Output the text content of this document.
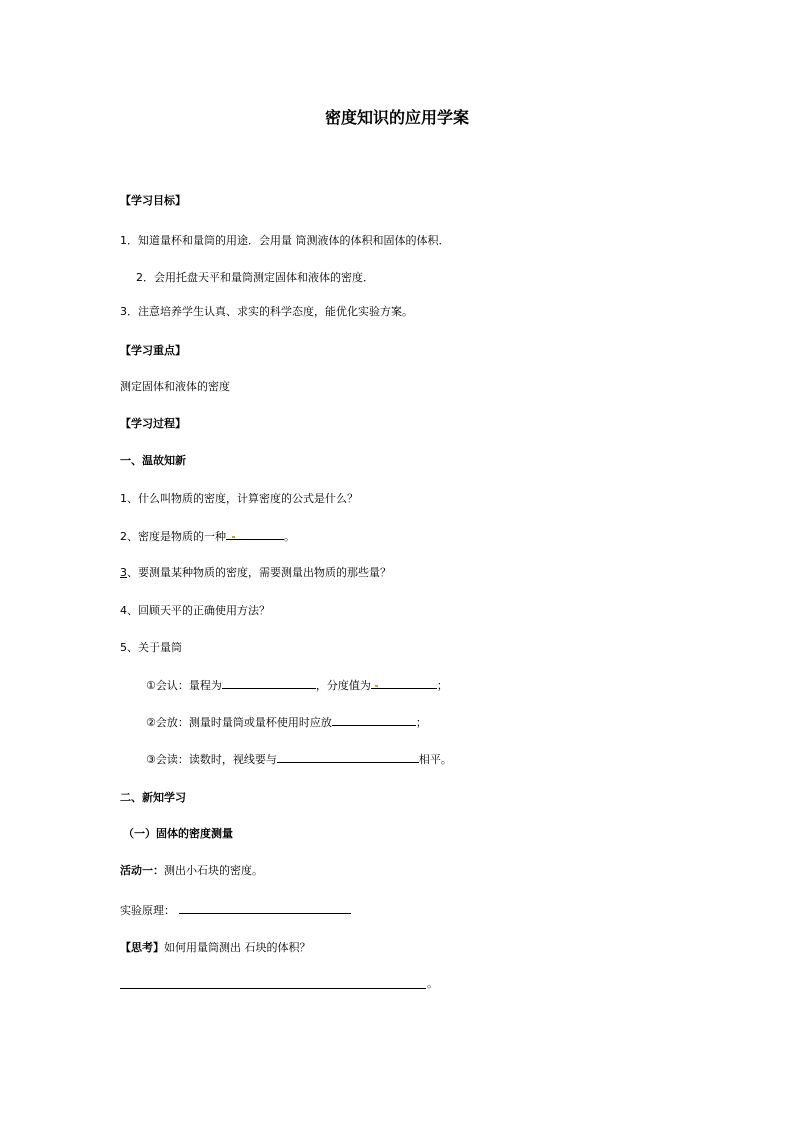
密度知识的应用学案
【学习目标】
1．知道量杯和量筒的用途．会用量 筒测液体的体积和固体的体积．
2．会用托盘天平和量筒测定固体和液体的密度．
3．注意培养学生认真、求实的科学态度，能优化实验方案。
【学习重点】
测定固体和液体的密度
【学习过程】
一、温故知新
1、什么叫物质的密度，计算密度的公式是什么？
2、密度是物质的一种	。
3、要测量某种物质的密度，需要测量出物质的那些量？
4、回顾天平的正确使用方法？
5、关于量筒
①会认：量程为	，分度值为	；
②会放：测量时量筒或量杯使用时应放	；
③会读：读数时，视线要与	相平。
二、新知学习
（一）固体的密度测量
活动一：测出小石块的密度。
实验原理：
【思考】如何用量筒测出 石块的体积？
。
